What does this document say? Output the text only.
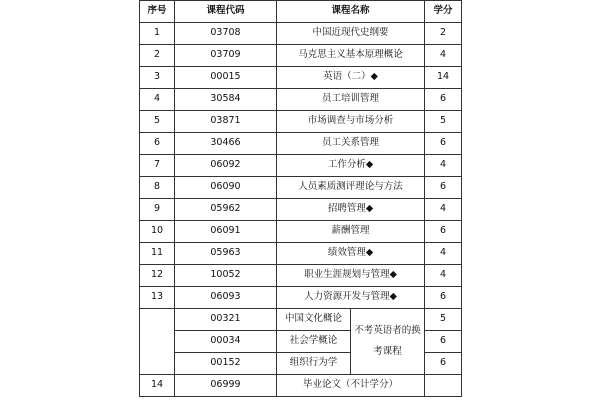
序号	课程代码	课程名称		学分
1	03708	中国近现代史纲要		2
2	03709	马克思主义基本原理概论		4
3	00015	英语（二）◆		14
4	30584	员工培训管理		6
5	03871	市场调查与市场分析		5
6	30466	员工关系管理		6
7	06092	工作分析◆		4
8	06090	人员素质测评理论与方法		6
9	05962	招聘管理◆		4
10	06091	薪酬管理		6
11	05963	绩效管理◆		4
12	10052	职业生涯规划与管理◆		4
13	06093	人力资源开发与管理◆		6
	00321	中国文化概论	不考英语者的换考课程	5
	00034	社会学概论		6
	00152	组织行为学		6
14	06999	毕业论文（不计学分）		
